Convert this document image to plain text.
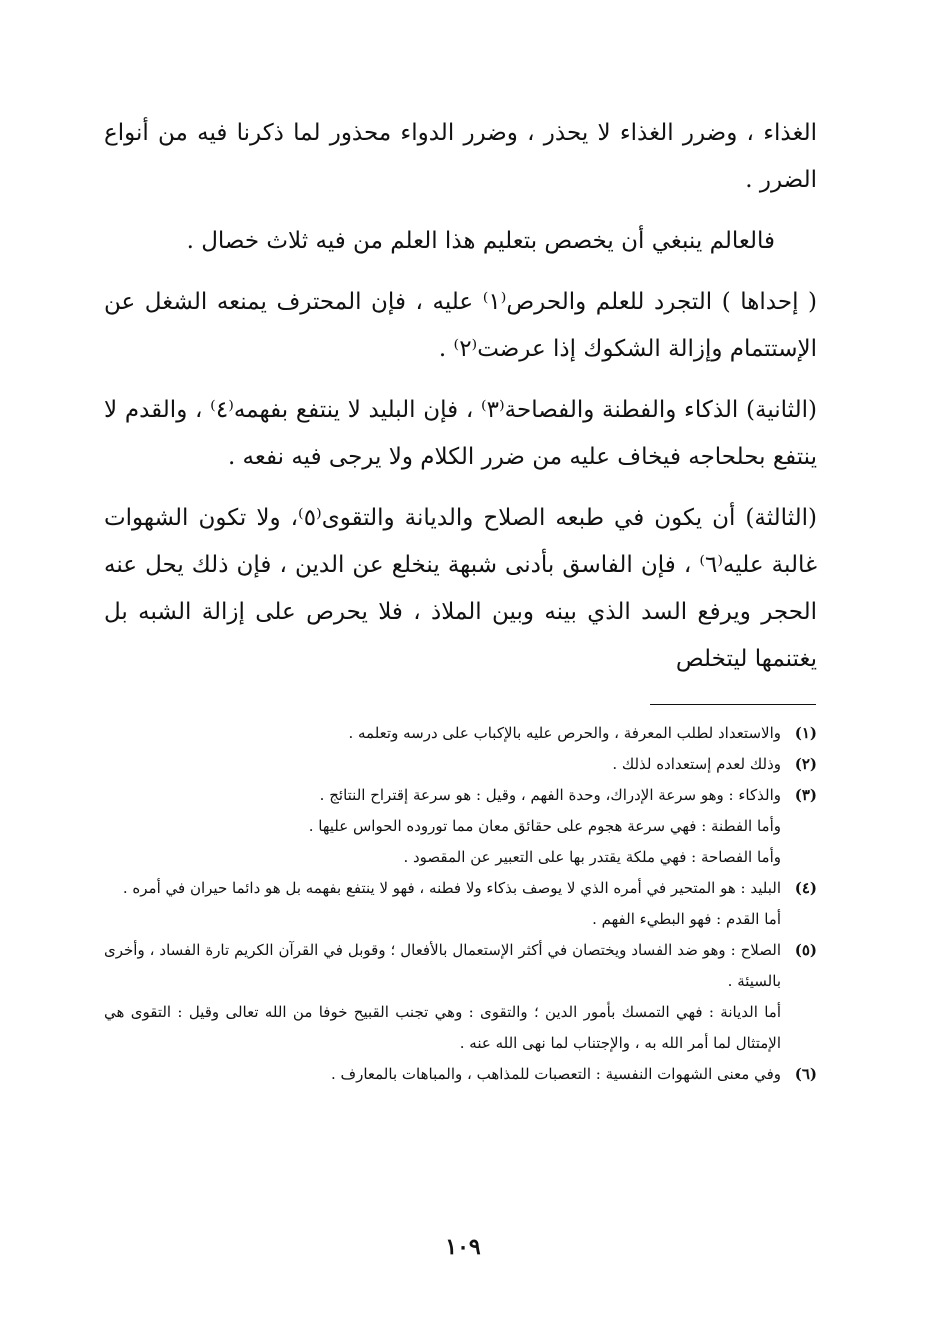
الغذاء ، وضرر الغذاء لا يحذر ، وضرر الدواء محذور لما ذكرنا فيه من أنواع الضرر .

فالعالم ينبغي أن يخصص بتعليم هذا العلم من فيه ثلاث خصال .

( إحداها ) التجرد للعلم والحرص⁽١⁾ عليه ، فإن المحترف يمنعه الشغل عن الإستتمام وإزالة الشكوك إذا عرضت⁽٢⁾ .

(الثانية) الذكاء والفطنة والفصاحة⁽٣⁾ ، فإن البليد لا ينتفع بفهمه⁽٤⁾ ، والقدم لا ينتفع بحلحاجه فيخاف عليه من ضرر الكلام ولا يرجى فيه نفعه .

(الثالثة) أن يكون في طبعه الصلاح والديانة والتقوى⁽٥⁾، ولا تكون الشهوات غالبة عليه⁽٦⁾ ، فإن الفاسق بأدنى شبهة ينخلع عن الدين ، فإن ذلك يحل عنه الحجر ويرفع السد الذي بينه وبين الملاذ ، فلا يحرص على إزالة الشبه بل يغتنمها ليتخلص

(١)
والاستعداد لطلب المعرفة ، والحرص عليه بالإكباب على درسه وتعلمه .
(٢)
وذلك لعدم إستعداده لذلك .
(٣)
والذكاء : وهو سرعة الإدراك، وحدة الفهم ، وقيل : هو سرعة إقتراح النتائج .
وأما الفطنة : فهي سرعة هجوم على حقائق معان مما توروده الحواس عليها .
وأما الفصاحة : فهي ملكة يقتدر بها على التعبير عن المقصود .
(٤)
البليد : هو المتحير في أمره الذي لا يوصف بذكاء ولا فطنه ، فهو لا ينتفع بفهمه بل هو دائما حيران في أمره .
أما القدم : فهو البطيء الفهم .
(٥)
الصلاح : وهو ضد الفساد ويختصان في أكثر الإستعمال بالأفعال ؛ وقوبل في القرآن الكريم تارة الفساد ، وأخرى بالسيئة .
أما الديانة : فهي التمسك بأمور الدين ؛ والتقوى : وهي تجنب القبيح خوفا من الله تعالى وقيل : التقوى هي الإمتثال لما أمر الله به ، والإجتناب لما نهى الله عنه .
(٦)
وفي معنى الشهوات النفسية : التعصبات للمذاهب ، والمباهات بالمعارف .
١٠٩
